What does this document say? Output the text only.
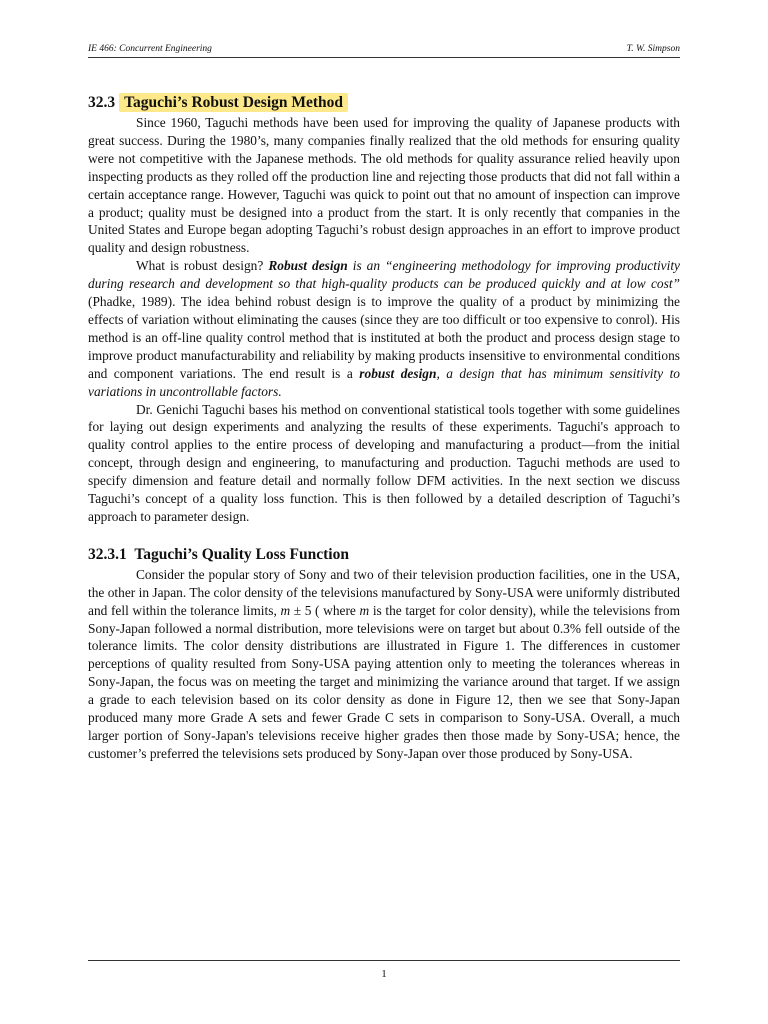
IE 466: Concurrent Engineering	T. W. Simpson
32.3 Taguchi’s Robust Design Method

Since 1960, Taguchi methods have been used for improving the quality of Japanese products with great success. During the 1980’s, many companies finally realized that the old methods for ensuring quality were not competitive with the Japanese methods. The old methods for quality assurance relied heavily upon inspecting products as they rolled off the production line and rejecting those products that did not fall within a certain acceptance range. However, Taguchi was quick to point out that no amount of inspection can improve a product; quality must be designed into a product from the start. It is only recently that companies in the United States and Europe began adopting Taguchi’s robust design approaches in an effort to improve product quality and design robustness.

What is robust design? Robust design is an “engineering methodology for improving productivity during research and development so that high-quality products can be produced quickly and at low cost” (Phadke, 1989). The idea behind robust design is to improve the quality of a product by minimizing the effects of variation without eliminating the causes (since they are too difficult or too expensive to conrol). His method is an off-line quality control method that is instituted at both the product and process design stage to improve product manufacturability and reliability by making products insensitive to environmental conditions and component variations. The end result is a robust design, a design that has minimum sensitivity to variations in uncontrollable factors.

Dr. Genichi Taguchi bases his method on conventional statistical tools together with some guidelines for laying out design experiments and analyzing the results of these experiments. Taguchi's approach to quality control applies to the entire process of developing and manufacturing a product—from the initial concept, through design and engineering, to manufacturing and production. Taguchi methods are used to specify dimension and feature detail and normally follow DFM activities. In the next section we discuss Taguchi’s concept of a quality loss function. This is then followed by a detailed description of Taguchi’s approach to parameter design.

32.3.1 Taguchi’s Quality Loss Function

Consider the popular story of Sony and two of their television production facilities, one in the USA, the other in Japan. The color density of the televisions manufactured by Sony-USA were uniformly distributed and fell within the tolerance limits, m ± 5 ( where m is the target for color density), while the televisions from Sony-Japan followed a normal distribution, more televisions were on target but about 0.3% fell outside of the tolerance limits. The color density distributions are illustrated in Figure 1. The differences in customer perceptions of quality resulted from Sony-USA paying attention only to meeting the tolerances whereas in Sony-Japan, the focus was on meeting the target and minimizing the variance around that target. If we assign a grade to each television based on its color density as done in Figure 12, then we see that Sony-Japan produced many more Grade A sets and fewer Grade C sets in comparison to Sony-USA. Overall, a much larger portion of Sony-Japan's televisions receive higher grades then those made by Sony-USA; hence, the customer’s preferred the televisions sets produced by Sony-Japan over those produced by Sony-USA.

1
